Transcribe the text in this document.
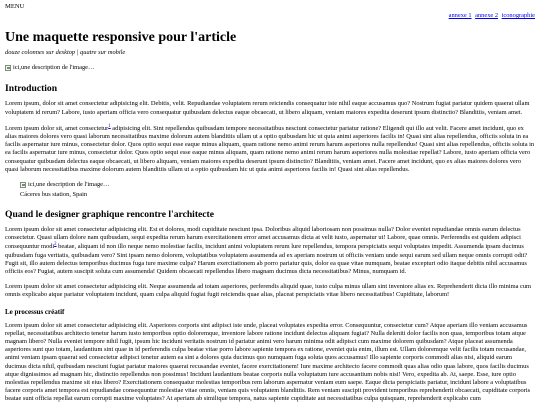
MENU
annexe 1 annexe 2 iconographie
Une maquette responsive pour l'article
douze colonnes sur desktop | quatre sur mobile
ici,une description de l'image…
Introduction

Lorem ipsum, dolor sit amet consectetur adipisicing elit. Debitis, velit. Repudiandae voluptatem rerum reiciendis consequatur iste nihil eaque accusamus quo? Nostrum fugiat pariatur quidem quaerat ullam voluptatem id rerum? Labore, iusto aperiam officia vero consequatur quibusdam delectus eaque obcaecati, ut libero aliquam, veniam maiores expedita deserunt ipsum distinctio? Blanditiis, veniam amet.

Lorem ipsum dolor sit, amet consectetur$^1$ adipisicing elit. Sint repellendus quibusdam tempore necessitatibus nesciunt consectetur pariatur ratione? Eligendi qui illo aut velit. Facere amet incidunt, quo ex alias maiores dolores vero quasi laborum necessitatibus maxime dolorum autem blanditiis ullam ut a optio quibusdam hic ut quia animi asperiores facilis in! Quasi sint alias repellendus, officiis soluta in ea facilis aspernatur iure minus, consectetur dolor. Quos optio sequi esse eaque minus aliquam, quam ratione nemo animi rerum harum asperiores nulla repellendus! Quasi sint alias repellendus, officiis soluta in ea facilis aspernatur iure minus, consectetur dolor. Quos optio sequi esse eaque minus aliquam, quam ratione nemo animi rerum harum asperiores nulla molestiae repellat? Labore, iusto aperiam officia vero consequatur quibusdam delectus eaque obcaecati, ut libero aliquam, veniam maiores expedita deserunt ipsum distinctio? Blanditiis, veniam amet. Facere amet incidunt, quo ex alias maiores dolores vero quasi laborum necessitatibus maxime dolorum autem blanditiis ullam ut a optio quibusdam hic ut quia animi asperiores facilis in! Quasi sint alias repellendus.

ici,une description de l'image…
Cáceres bus station, Spain
Quand le designer graphique rencontre l'architecte

Lorem ipsum dolor sit amet consectetur adipisicing elit. Est et dolores, modi cupiditate nesciunt ipsa. Doloribus aliquid laboriosam non possimus nulla? Dolor eveniet repudiandae omnis earum delectus consectetur. Quasi ullam dolore nam quibusdam, sequi expedita rerum harum exercitationem error amet accusamus dicta at velit iusto, aspernatur ut! Labore, quae omnis. Perferendis est quidem adipisci consequuntur modi$^2$ beatae, aliquam id non illo neque nemo molestiae facilis, incidunt animi voluptatem rerum lure repellendus, tempora perspiciatis sequi voluptates impedit. Assumenda ipsam ducimus quibusdam fuga veritatis, quibusdam vero? Sint ipsam nemo dolorem, voluptatibus voluptatem assumenda ad ex aperiam nostrum ut officiis veniam unde sequi earum sed ullam neque omnis corrupti odit? Fugit sit, illo autem delectus temporibus ducimus fuga iure maxime culpa? Harum exercitationem ab porro pariatur quis, dolor ea quae vitae numquam, beatae excepturi odio itaque debitis nihil accusamus officiis eos? Fugiat, autem suscipit soluta cum assumenda! Quidem obcaecati repellendus libero magnam ducimus dicta necessitatibus? Minus, numquam id.

Lorem ipsum dolor sit amet consectetur adipisicing elit. Neque assumenda ad totam asperiores, perferendis aliquid quae, iusto culpa minus ullam sint inventore alias ex. Reprehenderit dicta illo minima cum omnis explicabo atque pariatur voluptatem incidunt, quam culpa aliquid fugiat fugit reiciendis quae alias, placeat perspiciatis vitae libero necessitatibus! Cupiditate, laborum!

Le processus créatif

Lorem ipsum dolor sit amet consectetur adipisicing elit. Asperiores corporis sint adipisci iste unde, placeat voluptates expedita error. Consequuntur, consectetur cum? Atque aperiam illo veniam accusamus repellat, necessitatibus architecto tenetur harum iusto temporibus optio doloremque, inventore labore ratione incidunt delectus aliquam fugiat? Nulla deleniti dolor facilis non quas, temporibus totam atque magnam libero? Nulla eveniet tempore nihil fugit, ipsum hic incidunt veritatis nostrum id pariatur animi vero harum minima odit adipisci cum maxime dolorem quibusdam? Atque placeat assumenda asperiores sunt quo totam, laudantium sint quae in id perferendis culpa beatae vitae porro labore sapiente tempora ex ratione, eveniet quia enim, illum est. Ullam doloremque velit facilis totam recusandae, animi veniam ipsam quaerat sed consectetur adipisci tenetur autem ea sint a dolores quia ducimus quo numquam fuga soluta quos accusamus! Illo sapiente corporis commodi alias nisi, aliquid earum ducimus dicta nihil, quibusdam nesciunt fugiat pariatur maiores quaerat recusandae eveniet, facere exercitationem! Iure maxime architecto facere commodi quas alias odio quas labore, quos facilis ducimus atque dignissimos ad magnam hic, distinctio repellendus non possimus! Incidunt laudantium beatae corporis nulla voluptatum iure accusantium nobis nisi! Vero, expedita ab. At, saepe. Esse, iure optio molestias repellendus maxime sit eius libero? Exercitationem consequatur molestias temporibus rem laborum aspernatur veniam eum saepe. Eaque dicta perspiciatis pariatur, incidunt labore a voluptatibus facere corporis amet tempora est repudiandae consequuntur molestiae vitae omnis, veniam quis voluptatem blanditiis. Rem veniam suscipit provident temporibus reprehenderit obcaecati, cupiditate corporis beatae sunt officia repellat earum corrupti maxime voluptates? At aperiam ab similique tempora, natus sapiente cupiditate aut necessitatibus culpa quisquam, reprehenderit explicabo cum
